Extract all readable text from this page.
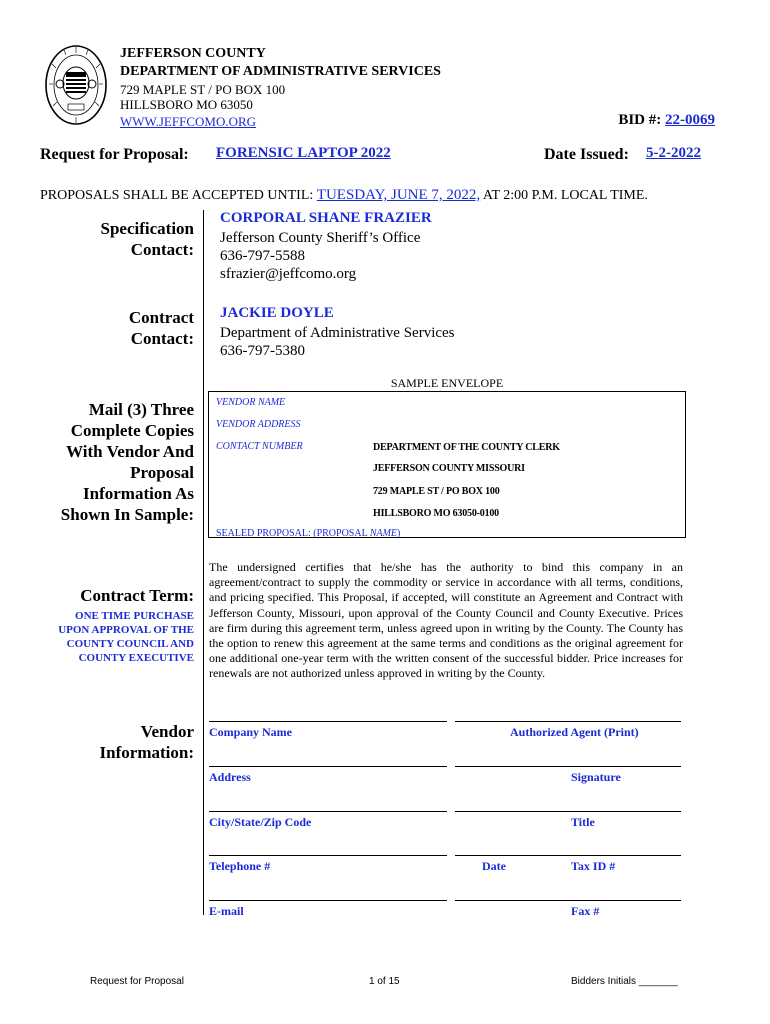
JEFFERSON COUNTY
DEPARTMENT OF ADMINISTRATIVE SERVICES
729 MAPLE ST / PO BOX 100
HILLSBORO MO 63050
WWW.JEFFCOMO.ORG	BID #: 22-0069
Request for Proposal: FORENSIC LAPTOP 2022	Date Issued: 5-2-2022
PROPOSALS SHALL BE ACCEPTED UNTIL: TUESDAY, JUNE 7, 2022, AT 2:00 P.M. LOCAL TIME.
Specification
Contact:
CORPORAL SHANE FRAZIER
Jefferson County Sheriff’s Office
636-797-5588
sfrazier@jeffcomo.org
Contract
Contact:
JACKIE DOYLE
Department of Administrative Services
636-797-5380
Mail (3) Three
Complete Copies
With Vendor And
Proposal
Information As
Shown In Sample:
SAMPLE ENVELOPE
VENDOR NAME
VENDOR ADDRESS
CONTACT NUMBER	DEPARTMENT OF THE COUNTY CLERK
JEFFERSON COUNTY MISSOURI
729 MAPLE ST / PO BOX 100
HILLSBORO MO 63050-0100
SEALED PROPOSAL: (PROPOSAL NAME)
Contract Term:
ONE TIME PURCHASE
UPON APPROVAL OF THE
COUNTY COUNCIL AND
COUNTY EXECUTIVE
The undersigned certifies that he/she has the authority to bind this company in an agreement/contract to supply the commodity or service in accordance with all terms, conditions, and pricing specified. This Proposal, if accepted, will constitute an Agreement and Contract with Jefferson County, Missouri, upon approval of the County Council and County Executive. Prices are firm during this agreement term, unless agreed upon in writing by the County. The County has the option to renew this agreement at the same terms and conditions as the original agreement for one additional one-year term with the written consent of the successful bidder. Price increases for renewals are not authorized unless approved in writing by the County.
Vendor
Information:
Company Name	Authorized Agent (Print)
Address	Signature
City/State/Zip Code	Title
Telephone #	Date	Tax ID #
E-mail	Fax #
Request for Proposal	1 of 15	Bidders Initials _______
